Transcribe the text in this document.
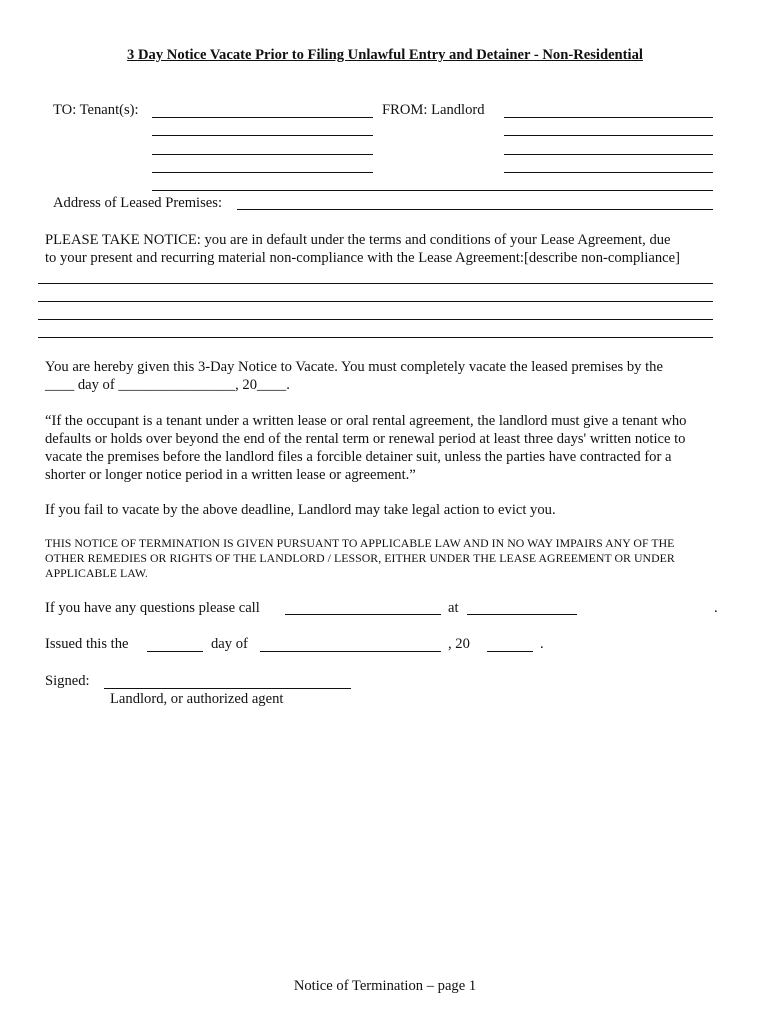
3 Day Notice Vacate Prior to Filing Unlawful Entry and Detainer - Non-Residential
TO: Tenant(s):	FROM: Landlord
Address of Leased Premises:
PLEASE TAKE NOTICE: you are in default under the terms and conditions of your Lease Agreement, due
to your present and recurring material non-compliance with the Lease Agreement:[describe non-compliance]
You are hereby given this 3-Day Notice to Vacate. You must completely vacate the leased premises by the
____ day of ________________, 20____.
“If the occupant is a tenant under a written lease or oral rental agreement, the landlord must give a tenant who
defaults or holds over beyond the end of the rental term or renewal period at least three days' written notice to
vacate the premises before the landlord files a forcible detainer suit, unless the parties have contracted for a
shorter or longer notice period in a written lease or agreement.”
If you fail to vacate by the above deadline, Landlord may take legal action to evict you.
THIS NOTICE OF TERMINATION IS GIVEN PURSUANT TO APPLICABLE LAW AND IN NO WAY IMPAIRS ANY OF THE
OTHER REMEDIES OR RIGHTS OF THE LANDLORD / LESSOR, EITHER UNDER THE LEASE AGREEMENT OR UNDER
APPLICABLE LAW.
If you have any questions please call	at	.
Issued this the	day of	, 20	.
Signed:
Landlord, or authorized agent
Notice of Termination – page 1
